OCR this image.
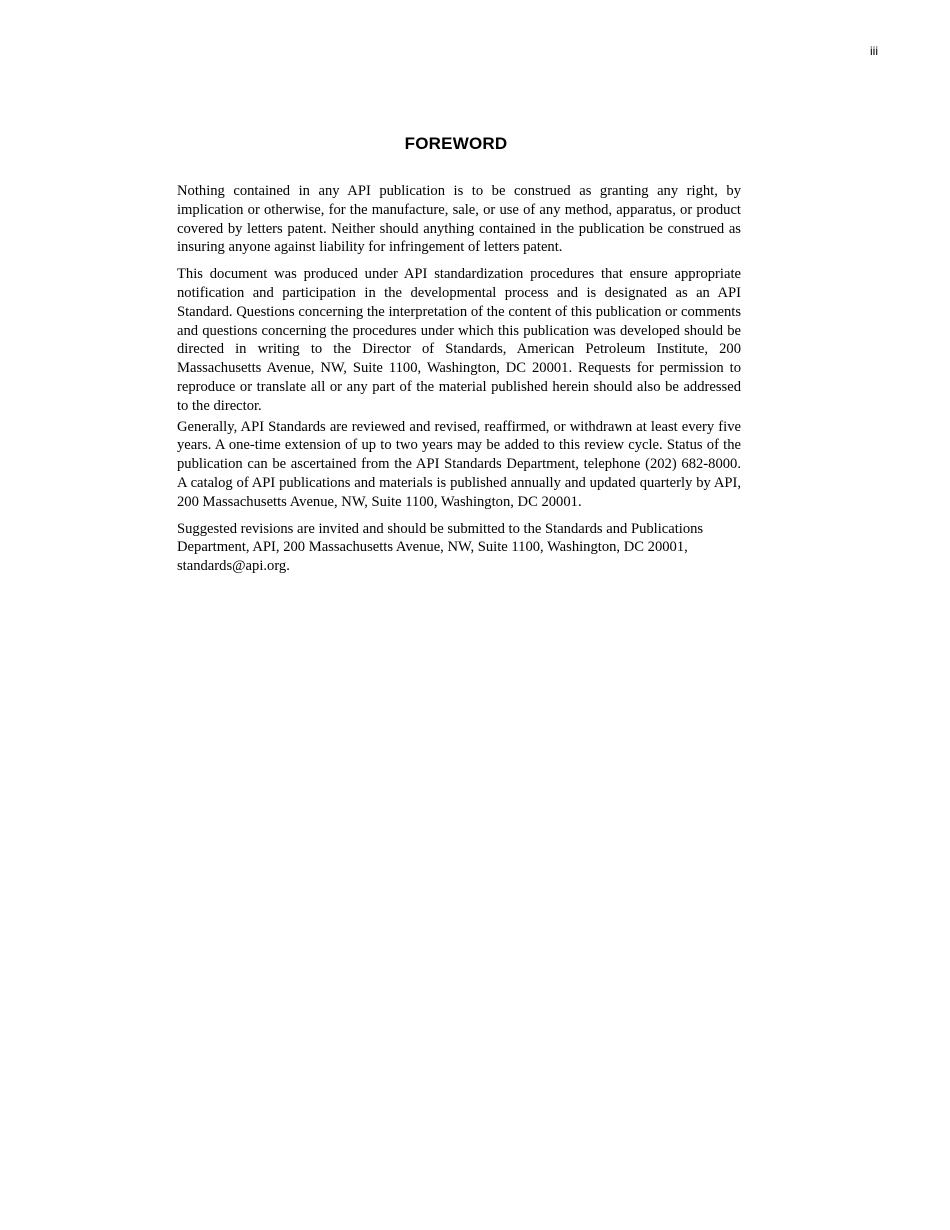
iii
FOREWORD

Nothing contained in any API publication is to be construed as granting any right, by implication or otherwise, for the manufacture, sale, or use of any method, apparatus, or product covered by letters patent. Neither should anything contained in the publication be construed as insuring anyone against liability for infringement of letters patent.

This document was produced under API standardization procedures that ensure appropriate notification and participation in the developmental process and is designated as an API Standard. Questions concerning the interpretation of the content of this publication or comments and questions concerning the procedures under which this publication was developed should be directed in writing to the Director of Standards, American Petroleum Institute, 200 Massachusetts Avenue, NW, Suite 1100, Washington, DC 20001. Requests for permission to reproduce or translate all or any part of the material published herein should also be addressed to the director.

Generally, API Standards are reviewed and revised, reaffirmed, or withdrawn at least every five years. A one-time extension of up to two years may be added to this review cycle. Status of the publication can be ascertained from the API Standards Department, telephone (202) 682-8000. A catalog of API publications and materials is published annually and updated quarterly by API, 200 Massachusetts Avenue, NW, Suite 1100, Washington, DC 20001.

Suggested revisions are invited and should be submitted to the Standards and Publications Department, API, 200 Massachusetts Avenue, NW, Suite 1100, Washington, DC 20001, standards@api.org.
